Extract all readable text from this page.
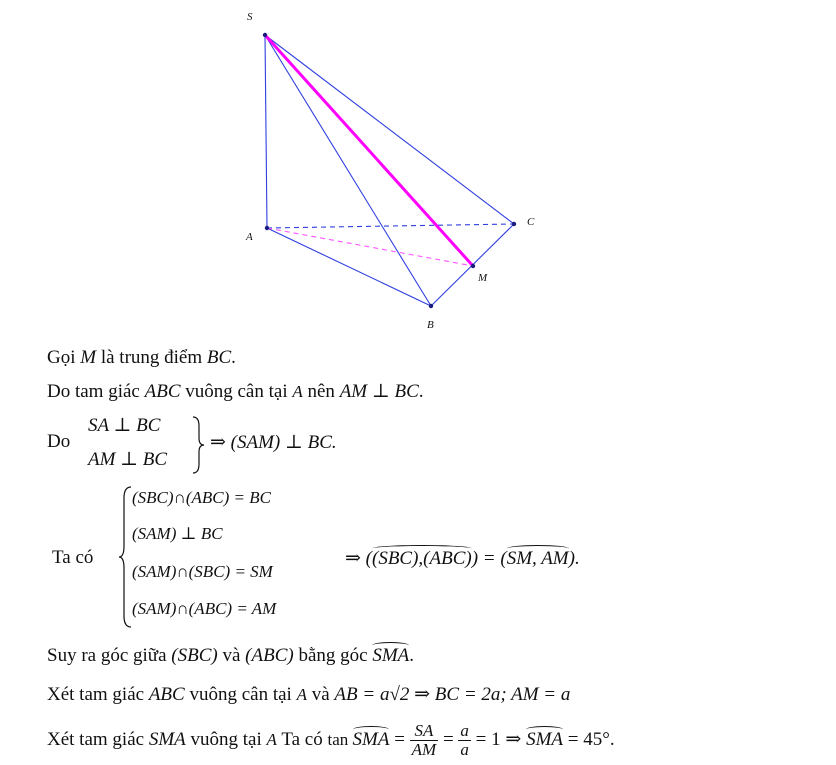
S
A
B
C
M
Gọi M là trung điểm BC.
Do tam giác ABC vuông cân tại A nên AM ⊥ BC.
Do
SA ⊥ BC
AM ⊥ BC
⇒ (SAM) ⊥ BC.
Ta có
(SBC)∩(ABC) = BC
(SAM) ⊥ BC
(SAM)∩(SBC) = SM
(SAM)∩(ABC) = AM
⇒ ((SBC),(ABC)) = (SM, AM).
Suy ra góc giữa (SBC) và (ABC) bằng góc SMA.
Xét tam giác ABC vuông cân tại A và AB = a√2 ⇒ BC = 2a; AM = a
Xét tam giác SMA vuông tại A Ta có tan SMA = $\frac{SA}{AM} = \frac{a}{a} = 1$ ⇒ SMA = 45°.
